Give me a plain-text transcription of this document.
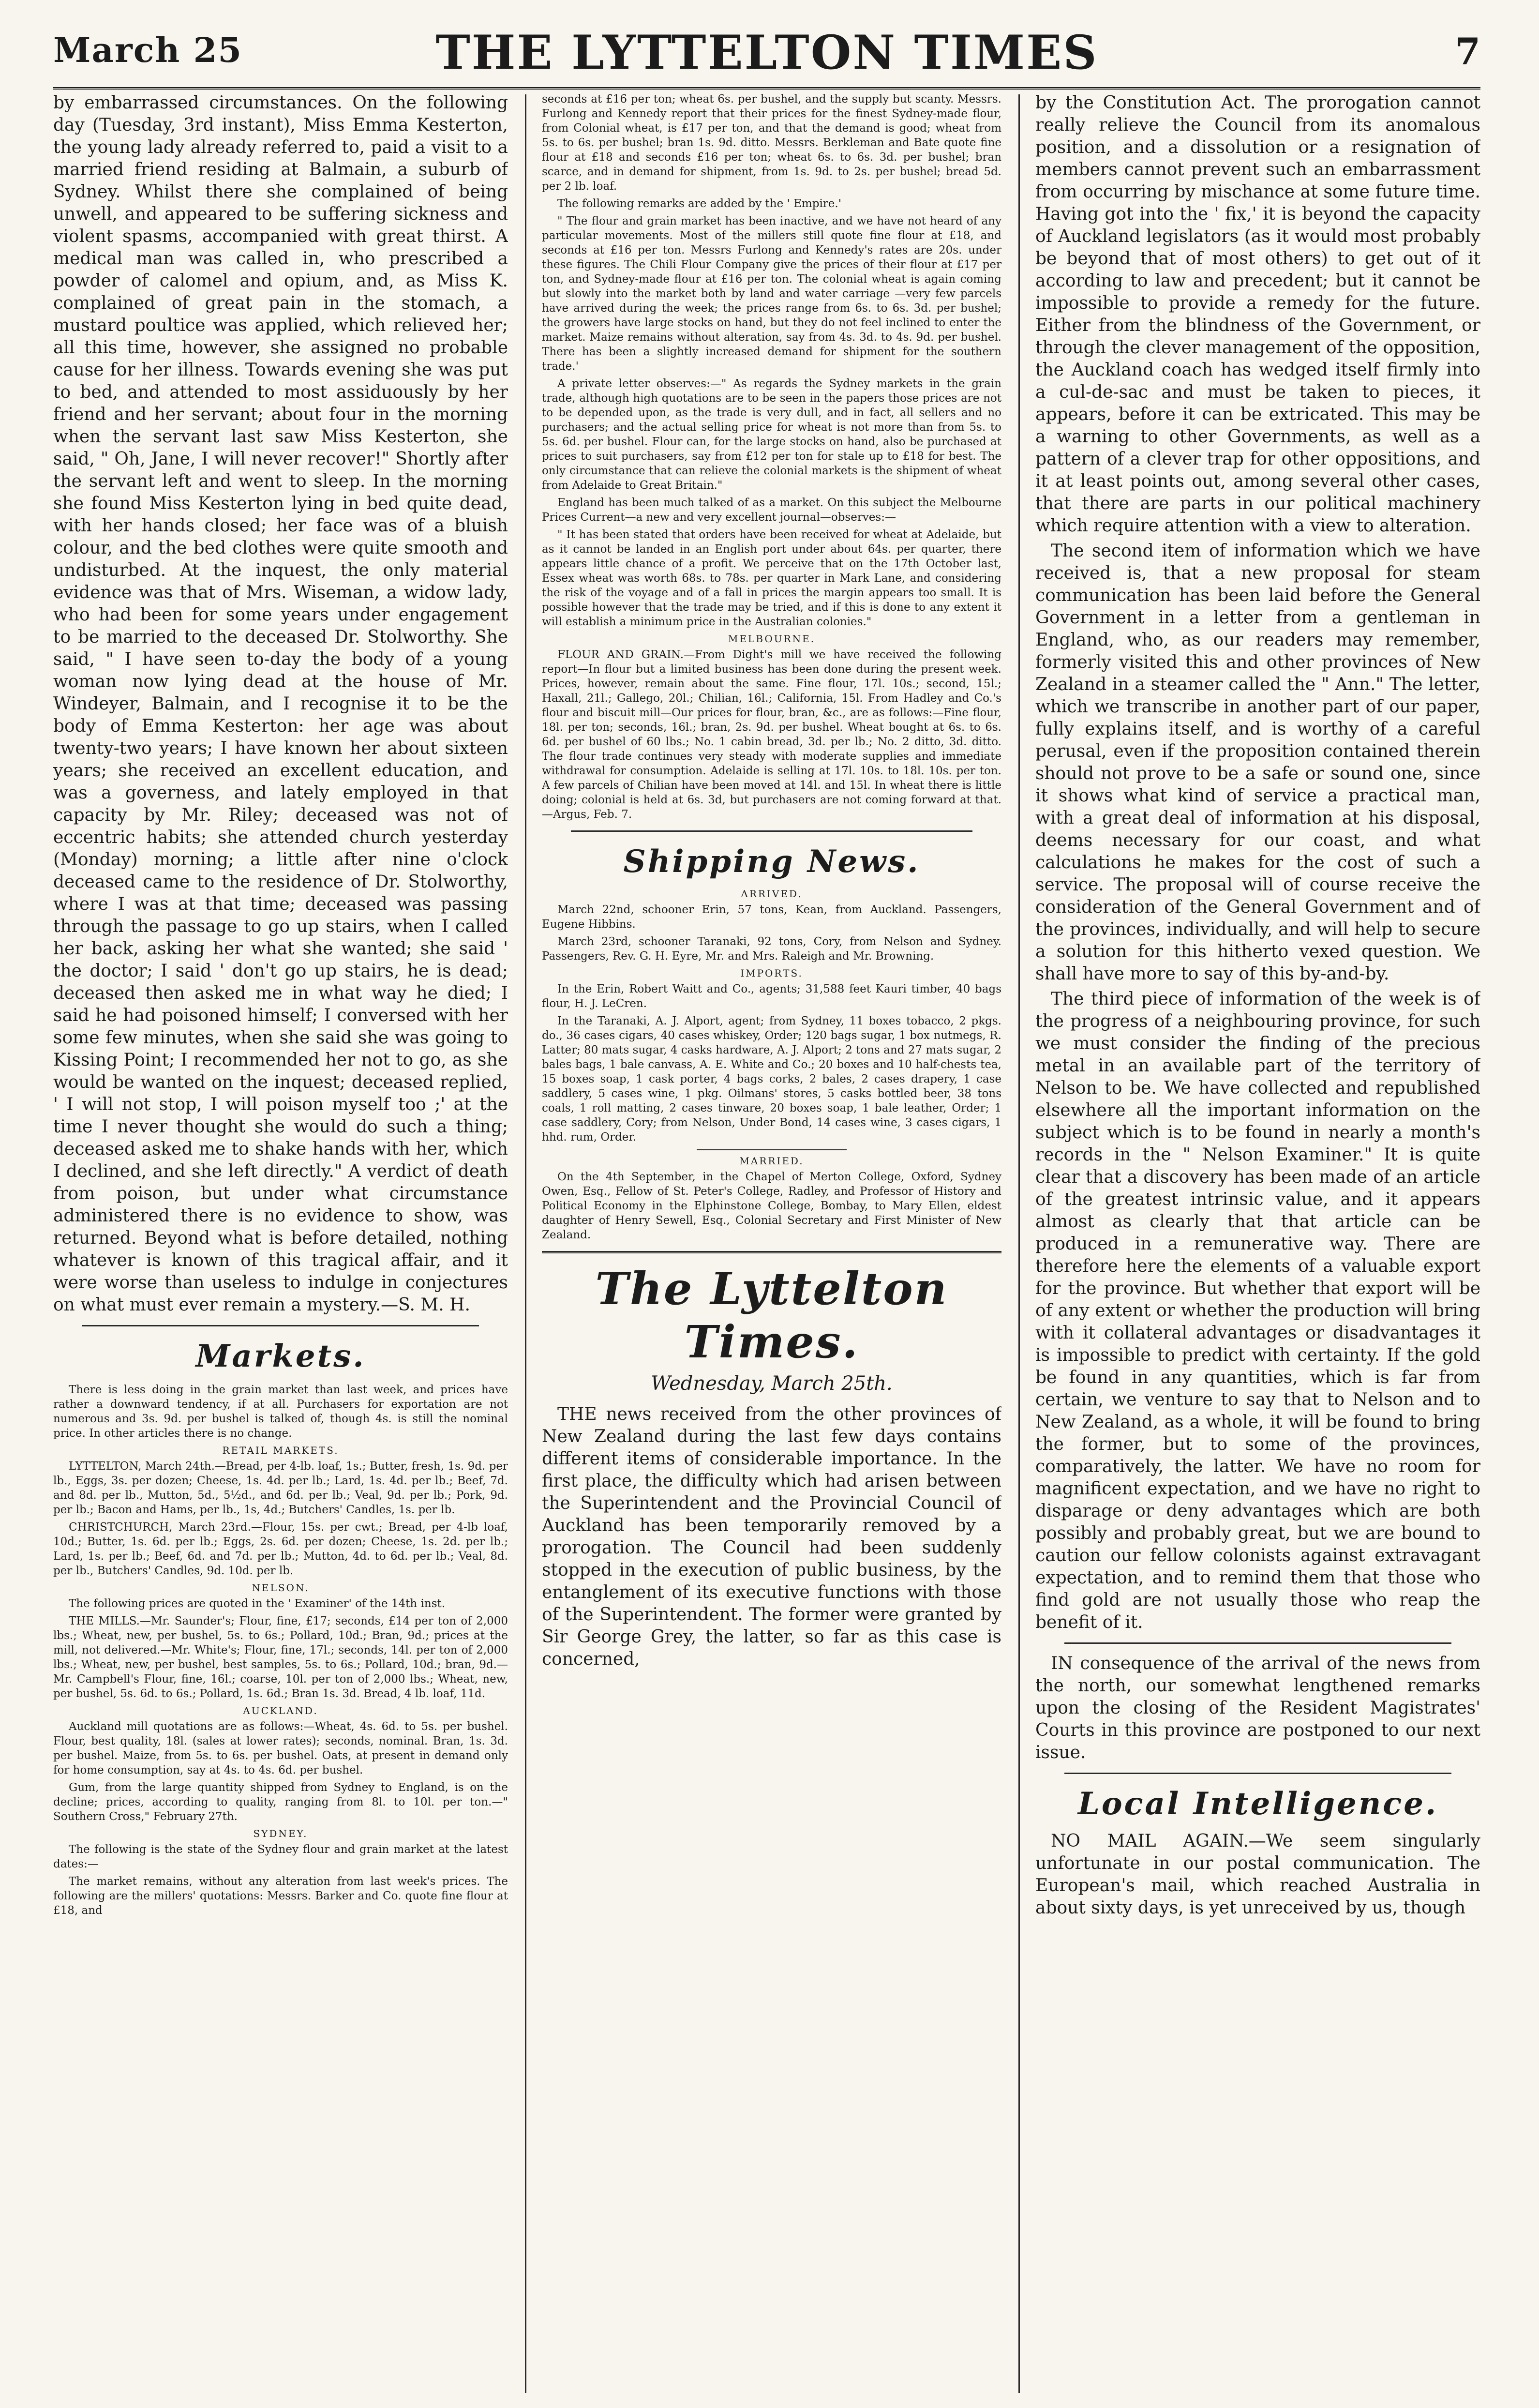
March 25	THE LYTTELTON TIMES	7

by embarrassed circumstances. On the following day (Tuesday, 3rd instant), Miss Emma Kesterton, the young lady already referred to, paid a visit to a married friend residing at Balmain, a suburb of Sydney. Whilst there she complained of being unwell, and appeared to be suffering sickness and violent spasms, accompanied with great thirst. A medical man was called in, who prescribed a powder of calomel and opium, and, as Miss K. complained of great pain in the stomach, a mustard poultice was applied, which relieved her; all this time, however, she assigned no probable cause for her illness. Towards evening she was put to bed, and attended to most assiduously by her friend and her servant; about four in the morning when the servant last saw Miss Kesterton, she said, " Oh, Jane, I will never recover!" Shortly after the servant left and went to sleep. In the morning she found Miss Kesterton lying in bed quite dead, with her hands closed; her face was of a bluish colour, and the bed clothes were quite smooth and undisturbed. At the inquest, the only material evidence was that of Mrs. Wiseman, a widow lady, who had been for some years under engagement to be married to the deceased Dr. Stolworthy. She said, " I have seen to-day the body of a young woman now lying dead at the house of Mr. Windeyer, Balmain, and I recognise it to be the body of Emma Kesterton: her age was about twenty-two years; I have known her about sixteen years; she received an excellent education, and was a governess, and lately employed in that capacity by Mr. Riley; deceased was not of eccentric habits; she attended church yesterday (Monday) morning; a little after nine o'clock deceased came to the residence of Dr. Stolworthy, where I was at that time; deceased was passing through the passage to go up stairs, when I called her back, asking her what she wanted; she said ' the doctor; I said ' don't go up stairs, he is dead; deceased then asked me in what way he died; I said he had poisoned himself; I conversed with her some few minutes, when she said she was going to Kissing Point; I recommended her not to go, as she would be wanted on the inquest; deceased replied, ' I will not stop, I will poison myself too ;' at the time I never thought she would do such a thing; deceased asked me to shake hands with her, which I declined, and she left directly." A verdict of death from poison, but under what circumstance administered there is no evidence to show, was returned. Beyond what is before detailed, nothing whatever is known of this tragical affair, and it were worse than useless to indulge in conjectures on what must ever remain a mystery.—S. M. H.

Markets.

There is less doing in the grain market than last week, and prices have rather a downward tendency, if at all. Purchasers for exportation are not numerous and 3s. 9d. per bushel is talked of, though 4s. is still the nominal price. In other articles there is no change.

RETAIL MARKETS.

LYTTELTON, March 24th.—Bread, per 4-lb. loaf, 1s.; Butter, fresh, 1s. 9d. per lb., Eggs, 3s. per dozen; Cheese, 1s. 4d. per lb.; Lard, 1s. 4d. per lb.; Beef, 7d. and 8d. per lb., Mutton, 5d., 5½d., and 6d. per lb.; Veal, 9d. per lb.; Pork, 9d. per lb.; Bacon and Hams, per lb., 1s, 4d.; Butchers' Candles, 1s. per lb.

CHRISTCHURCH, March 23rd.—Flour, 15s. per cwt.; Bread, per 4-lb loaf, 10d.; Butter, 1s. 6d. per lb.; Eggs, 2s. 6d. per dozen; Cheese, 1s. 2d. per lb.; Lard, 1s. per lb.; Beef, 6d. and 7d. per lb.; Mutton, 4d. to 6d. per lb.; Veal, 8d. per lb., Butchers' Candles, 9d. 10d. per lb.

NELSON.

The following prices are quoted in the ' Examiner' of the 14th inst.

THE MILLS.—Mr. Saunder's; Flour, fine, £17; seconds, £14 per ton of 2,000 lbs.; Wheat, new, per bushel, 5s. to 6s.; Pollard, 10d.; Bran, 9d.; prices at the mill, not delivered.—Mr. White's; Flour, fine, 17l.; seconds, 14l. per ton of 2,000 lbs.; Wheat, new, per bushel, best samples, 5s. to 6s.; Pollard, 10d.; bran, 9d.—Mr. Campbell's Flour, fine, 16l.; coarse, 10l. per ton of 2,000 lbs.; Wheat, new, per bushel, 5s. 6d. to 6s.; Pollard, 1s. 6d.; Bran 1s. 3d. Bread, 4 lb. loaf, 11d.

AUCKLAND.

Auckland mill quotations are as follows:—Wheat, 4s. 6d. to 5s. per bushel. Flour, best quality, 18l. (sales at lower rates); seconds, nominal. Bran, 1s. 3d. per bushel. Maize, from 5s. to 6s. per bushel. Oats, at present in demand only for home consumption, say at 4s. to 4s. 6d. per bushel.

Gum, from the large quantity shipped from Sydney to England, is on the decline; prices, according to quality, ranging from 8l. to 10l. per ton.—" Southern Cross," February 27th.

SYDNEY.

The following is the state of the Sydney flour and grain market at the latest dates:—

The market remains, without any alteration from last week's prices. The following are the millers' quotations: Messrs. Barker and Co. quote fine flour at £18, and

seconds at £16 per ton; wheat 6s. per bushel, and the supply but scanty. Messrs. Furlong and Kennedy report that their prices for the finest Sydney-made flour, from Colonial wheat, is £17 per ton, and that the demand is good; wheat from 5s. to 6s. per bushel; bran 1s. 9d. ditto. Messrs. Berkleman and Bate quote fine flour at £18 and seconds £16 per ton; wheat 6s. to 6s. 3d. per bushel; bran scarce, and in demand for shipment, from 1s. 9d. to 2s. per bushel; bread 5d. per 2 lb. loaf.

The following remarks are added by the ' Empire.'

" The flour and grain market has been inactive, and we have not heard of any particular movements. Most of the millers still quote fine flour at £18, and seconds at £16 per ton. Messrs Furlong and Kennedy's rates are 20s. under these figures. The Chili Flour Company give the prices of their flour at £17 per ton, and Sydney-made flour at £16 per ton. The colonial wheat is again coming but slowly into the market both by land and water carriage —very few parcels have arrived during the week; the prices range from 6s. to 6s. 3d. per bushel; the growers have large stocks on hand, but they do not feel inclined to enter the market. Maize remains without alteration, say from 4s. 3d. to 4s. 9d. per bushel. There has been a slightly increased demand for shipment for the southern trade.'

A private letter observes:—" As regards the Sydney markets in the grain trade, although high quotations are to be seen in the papers those prices are not to be depended upon, as the trade is very dull, and in fact, all sellers and no purchasers; and the actual selling price for wheat is not more than from 5s. to 5s. 6d. per bushel. Flour can, for the large stocks on hand, also be purchased at prices to suit purchasers, say from £12 per ton for stale up to £18 for best. The only circumstance that can relieve the colonial markets is the shipment of wheat from Adelaide to Great Britain."

England has been much talked of as a market. On this subject the Melbourne Prices Current—a new and very excellent journal—observes:—

" It has been stated that orders have been received for wheat at Adelaide, but as it cannot be landed in an English port under about 64s. per quarter, there appears little chance of a profit. We perceive that on the 17th October last, Essex wheat was worth 68s. to 78s. per quarter in Mark Lane, and considering the risk of the voyage and of a fall in prices the margin appears too small. It is possible however that the trade may be tried, and if this is done to any extent it will establish a minimum price in the Australian colonies."

MELBOURNE.

FLOUR AND GRAIN.—From Dight's mill we have received the following report—In flour but a limited business has been done during the present week. Prices, however, remain about the same. Fine flour, 17l. 10s.; second, 15l.; Haxall, 21l.; Gallego, 20l.; Chilian, 16l.; California, 15l. From Hadley and Co.'s flour and biscuit mill—Our prices for flour, bran, &c., are as follows:—Fine flour, 18l. per ton; seconds, 16l.; bran, 2s. 9d. per bushel. Wheat bought at 6s. to 6s. 6d. per bushel of 60 lbs.; No. 1 cabin bread, 3d. per lb.; No. 2 ditto, 3d. ditto. The flour trade continues very steady with moderate supplies and immediate withdrawal for consumption. Adelaide is selling at 17l. 10s. to 18l. 10s. per ton. A few parcels of Chilian have been moved at 14l. and 15l. In wheat there is little doing; colonial is held at 6s. 3d, but purchasers are not coming forward at that.—Argus, Feb. 7.

Shipping News.
ARRIVED.

March 22nd, schooner Erin, 57 tons, Kean, from Auckland. Passengers, Eugene Hibbins.

March 23rd, schooner Taranaki, 92 tons, Cory, from Nelson and Sydney. Passengers, Rev. G. H. Eyre, Mr. and Mrs. Raleigh and Mr. Browning.

IMPORTS.

In the Erin, Robert Waitt and Co., agents; 31,588 feet Kauri timber, 40 bags flour, H. J. LeCren.

In the Taranaki, A. J. Alport, agent; from Sydney, 11 boxes tobacco, 2 pkgs. do., 36 cases cigars, 40 cases whiskey, Order; 120 bags sugar, 1 box nutmegs, R. Latter; 80 mats sugar, 4 casks hardware, A. J. Alport; 2 tons and 27 mats sugar, 2 bales bags, 1 bale canvass, A. E. White and Co.; 20 boxes and 10 half-chests tea, 15 boxes soap, 1 cask porter, 4 bags corks, 2 bales, 2 cases drapery, 1 case saddlery, 5 cases wine, 1 pkg. Oilmans' stores, 5 casks bottled beer, 38 tons coals, 1 roll matting, 2 cases tinware, 20 boxes soap, 1 bale leather, Order; 1 case saddlery, Cory; from Nelson, Under Bond, 14 cases wine, 3 cases cigars, 1 hhd. rum, Order.

MARRIED.

On the 4th September, in the Chapel of Merton College, Oxford, Sydney Owen, Esq., Fellow of St. Peter's College, Radley, and Professor of History and Political Economy in the Elphinstone College, Bombay, to Mary Ellen, eldest daughter of Henry Sewell, Esq., Colonial Secretary and First Minister of New Zealand.

The Lyttelton Times.
Wednesday, March 25th.

THE news received from the other provinces of New Zealand during the last few days contains different items of considerable importance. In the first place, the difficulty which had arisen between the Superintendent and the Provincial Council of Auckland has been temporarily removed by a prorogation. The Council had been suddenly stopped in the execution of public business, by the entanglement of its executive functions with those of the Superintendent. The former were granted by Sir George Grey, the latter, so far as this case is concerned,

by the Constitution Act. The prorogation cannot really relieve the Council from its anomalous position, and a dissolution or a resignation of members cannot prevent such an embarrassment from occurring by mischance at some future time. Having got into the ' fix,' it is beyond the capacity of Auckland legislators (as it would most probably be beyond that of most others) to get out of it according to law and precedent; but it cannot be impossible to provide a remedy for the future. Either from the blindness of the Government, or through the clever management of the opposition, the Auckland coach has wedged itself firmly into a cul-de-sac and must be taken to pieces, it appears, before it can be extricated. This may be a warning to other Governments, as well as a pattern of a clever trap for other oppositions, and it at least points out, among several other cases, that there are parts in our political machinery which require attention with a view to alteration.

The second item of information which we have received is, that a new proposal for steam communication has been laid before the General Government in a letter from a gentleman in England, who, as our readers may remember, formerly visited this and other provinces of New Zealand in a steamer called the " Ann." The letter, which we transcribe in another part of our paper, fully explains itself, and is worthy of a careful perusal, even if the proposition contained therein should not prove to be a safe or sound one, since it shows what kind of service a practical man, with a great deal of information at his disposal, deems necessary for our coast, and what calculations he makes for the cost of such a service. The proposal will of course receive the consideration of the General Government and of the provinces, individually, and will help to secure a solution for this hitherto vexed question. We shall have more to say of this by-and-by.

The third piece of information of the week is of the progress of a neighbouring province, for such we must consider the finding of the precious metal in an available part of the territory of Nelson to be. We have collected and republished elsewhere all the important information on the subject which is to be found in nearly a month's records in the " Nelson Examiner." It is quite clear that a discovery has been made of an article of the greatest intrinsic value, and it appears almost as clearly that that article can be produced in a remunerative way. There are therefore here the elements of a valuable export for the province. But whether that export will be of any extent or whether the production will bring with it collateral advantages or disadvantages it is impossible to predict with certainty. If the gold be found in any quantities, which is far from certain, we venture to say that to Nelson and to New Zealand, as a whole, it will be found to bring the former, but to some of the provinces, comparatively, the latter. We have no room for magnificent expectation, and we have no right to disparage or deny advantages which are both possibly and probably great, but we are bound to caution our fellow colonists against extravagant expectation, and to remind them that those who find gold are not usually those who reap the benefit of it.

IN consequence of the arrival of the news from the north, our somewhat lengthened remarks upon the closing of the Resident Magistrates' Courts in this province are postponed to our next issue.

Local Intelligence.

NO MAIL AGAIN.—We seem singularly unfortunate in our postal communication. The European's mail, which reached Australia in about sixty days, is yet unreceived by us, though
